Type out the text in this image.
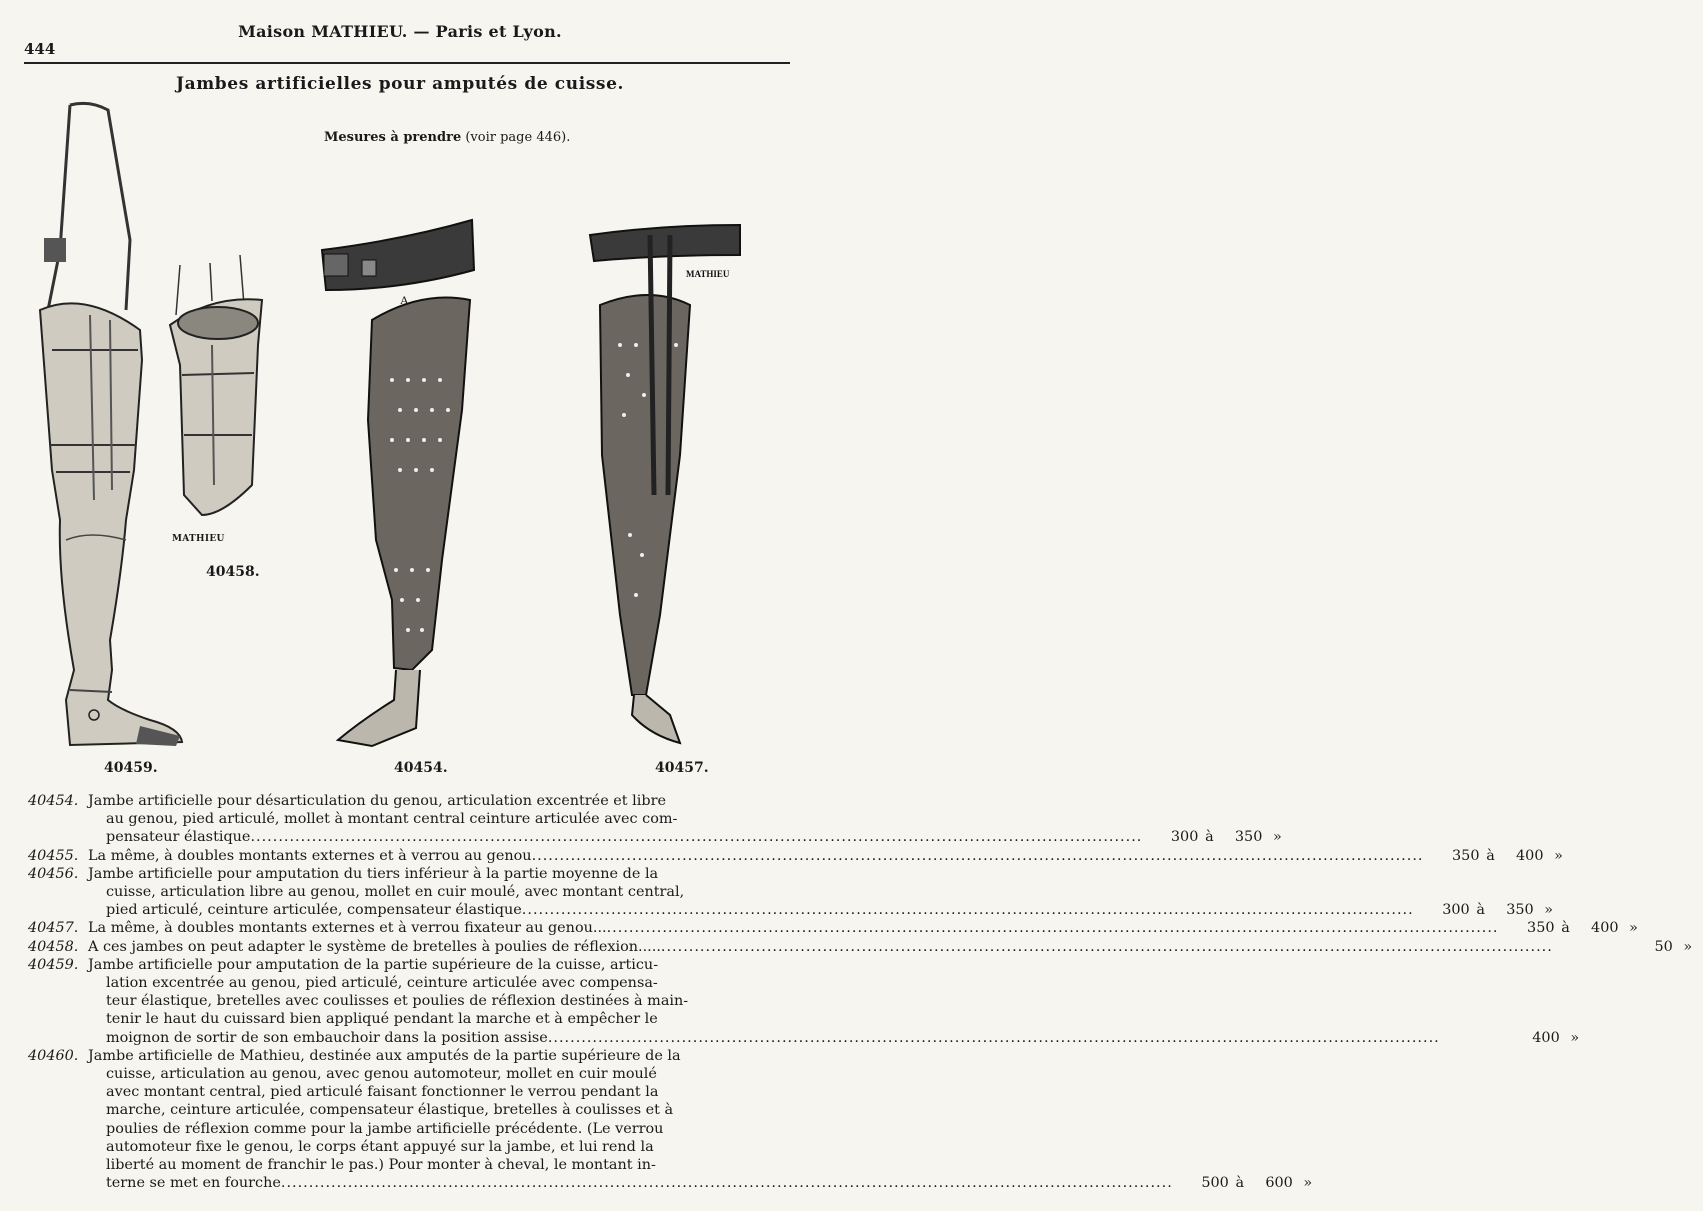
444
Maison MATHIEU. — Paris et Lyon.
Jambes artificielles pour amputés de cuisse.
Mesures à prendre (voir page 446).
40459.
MATHIEU
40458.
A
40454.
MATHIEU
40457.
40454. Jambe artificielle pour désarticulation du genou, articulation excentrée et libre
au genou, pied articulé, mollet à montant central ceinture articulée avec com-
pensateur élastique .....	300 à	350 »
40455. La même, à doubles montants externes et à verrou au genou .....	350 à	400 »
40456. Jambe artificielle pour amputation du tiers inférieur à la partie moyenne de la
cuisse, articulation libre au genou, mollet en cuir moulé, avec montant central,
pied articulé, ceinture articulée, compensateur élastique .....	300 à	350 »
40457. La même, à doubles montants externes et à verrou fixateur au genou... .....	350 à	400 »
40458. A ces jambes on peut adapter le système de bretelles à poulies de réflexion..... .....	50 »
40459. Jambe artificielle pour amputation de la partie supérieure de la cuisse, articu-
lation excentrée au genou, pied articulé, ceinture articulée avec compensa-
teur élastique, bretelles avec coulisses et poulies de réflexion destinées à main-
tenir le haut du cuissard bien appliqué pendant la marche et à empêcher le
moignon de sortir de son embauchoir dans la position assise .....	400 »
40460. Jambe artificielle de Mathieu, destinée aux amputés de la partie supérieure de la
cuisse, articulation au genou, avec genou automoteur, mollet en cuir moulé
avec montant central, pied articulé faisant fonctionner le verrou pendant la
marche, ceinture articulée, compensateur élastique, bretelles à coulisses et à
poulies de réflexion comme pour la jambe artificielle précédente. (Le verrou
automoteur fixe le genou, le corps étant appuyé sur la jambe, et lui rend la
liberté au moment de franchir le pas.) Pour monter à cheval, le montant in-
terne se met en fourche .....	500 à	600 »
